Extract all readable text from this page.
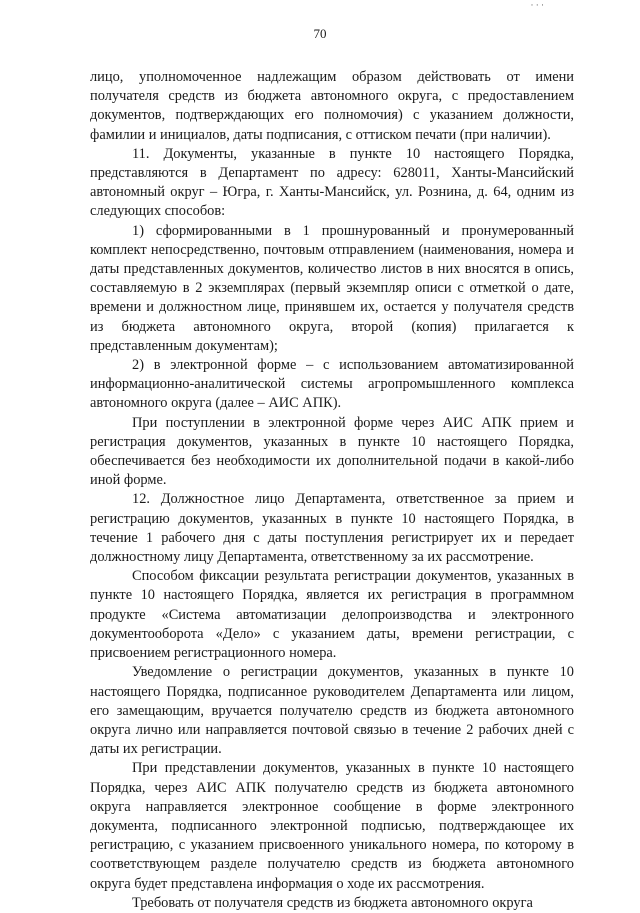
· · ·
70

лицо, уполномоченное надлежащим образом действовать от имени получателя средств из бюджета автономного округа, с предоставлением документов, подтверждающих его полномочия) с указанием должности, фамилии и инициалов, даты подписания, с оттиском печати (при наличии).

11. Документы, указанные в пункте 10 настоящего Порядка, представляются в Департамент по адресу: 628011, Ханты-Мансийский автономный округ – Югра, г. Ханты-Мансийск, ул. Рознина, д. 64, одним из следующих способов:

1) сформированными в 1 прошнурованный и пронумерованный комплект непосредственно, почтовым отправлением (наименования, номера и даты представленных документов, количество листов в них вносятся в опись, составляемую в 2 экземплярах (первый экземпляр описи с отметкой о дате, времени и должностном лице, принявшем их, остается у получателя средств из бюджета автономного округа, второй (копия) прилагается к представленным документам);

2) в электронной форме – с использованием автоматизированной информационно-аналитической системы агропромышленного комплекса автономного округа (далее – АИС АПК).

При поступлении в электронной форме через АИС АПК прием и регистрация документов, указанных в пункте 10 настоящего Порядка, обеспечивается без необходимости их дополнительной подачи в какой-либо иной форме.

12. Должностное лицо Департамента, ответственное за прием и регистрацию документов, указанных в пункте 10 настоящего Порядка, в течение 1 рабочего дня с даты поступления регистрирует их и передает должностному лицу Департамента, ответственному за их рассмотрение.

Способом фиксации результата регистрации документов, указанных в пункте 10 настоящего Порядка, является их регистрация в программном продукте «Система автоматизации делопроизводства и электронного документооборота «Дело» с указанием даты, времени регистрации, с присвоением регистрационного номера.

Уведомление о регистрации документов, указанных в пункте 10 настоящего Порядка, подписанное руководителем Департамента или лицом, его замещающим, вручается получателю средств из бюджета автономного округа лично или направляется почтовой связью в течение 2 рабочих дней с даты их регистрации.

При представлении документов, указанных в пункте 10 настоящего Порядка, через АИС АПК получателю средств из бюджета автономного округа направляется электронное сообщение в форме электронного документа, подписанного электронной подписью, подтверждающее их регистрацию, с указанием присвоенного уникального номера, по которому в соответствующем разделе получателю средств из бюджета автономного округа будет представлена информация о ходе их рассмотрения.

Требовать от получателя средств из бюджета автономного округа
